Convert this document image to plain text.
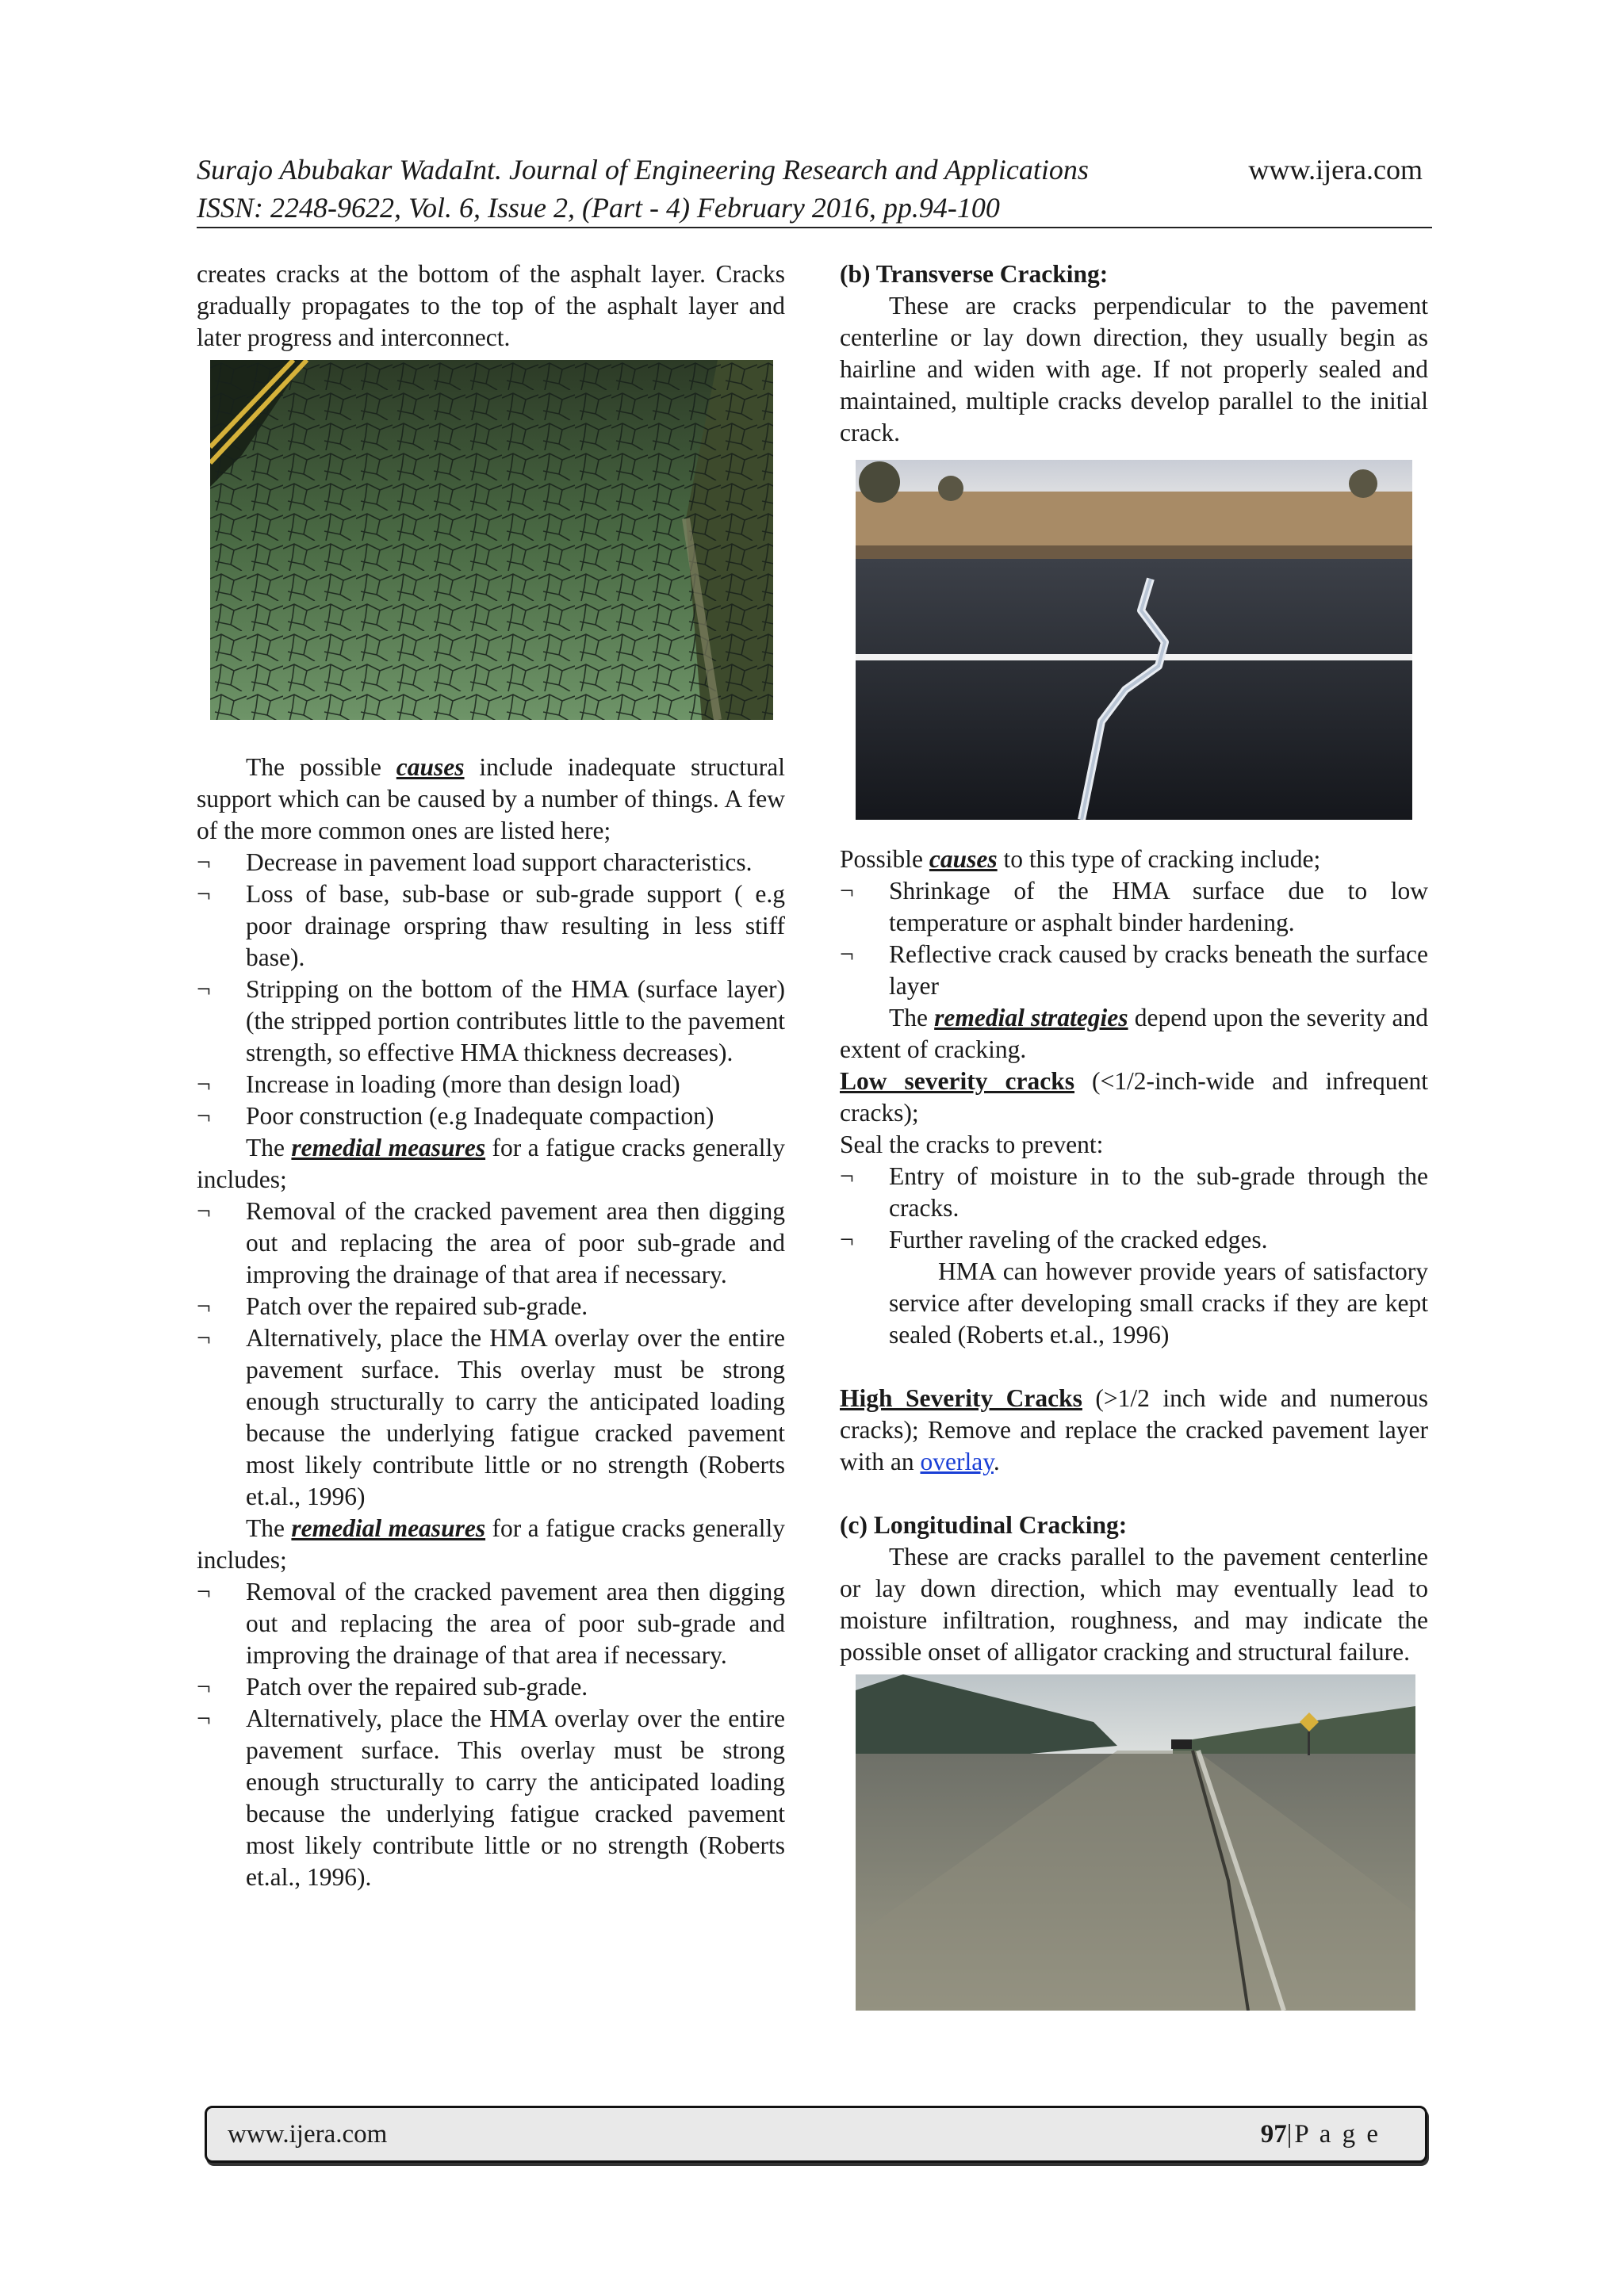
Surajo Abubakar WadaInt. Journal of Engineering Research and Applications
ISSN: 2248-9622, Vol. 6, Issue 2, (Part - 4) February 2016, pp.94-100
www.ijera.com

creates cracks at the bottom of the asphalt layer. Cracks gradually propagates to the top of the asphalt layer and later progress and interconnect.

The possible causes include inadequate structural support which can be caused by a number of things. A few of the more common ones are listed here;

¬ Decrease in pavement load support characteristics.
¬ Loss of base, sub-base or sub-grade support ( e.g poor drainage orspring thaw resulting in less stiff base).
¬ Stripping on the bottom of the HMA (surface layer) (the stripped portion contributes little to the pavement strength, so effective HMA thickness decreases).
¬ Increase in loading (more than design load)
¬ Poor construction (e.g Inadequate compaction)

The remedial measures for a fatigue cracks generally includes;

¬ Removal of the cracked pavement area then digging out and replacing the area of poor sub-grade and improving the drainage of that area if necessary.
¬ Patch over the repaired sub-grade.
¬ Alternatively, place the HMA overlay over the entire pavement surface. This overlay must be strong enough structurally to carry the anticipated loading because the underlying fatigue cracked pavement most likely contribute little or no strength (Roberts et.al., 1996)

The remedial measures for a fatigue cracks generally includes;

¬ Removal of the cracked pavement area then digging out and replacing the area of poor sub-grade and improving the drainage of that area if necessary.
¬ Patch over the repaired sub-grade.
¬ Alternatively, place the HMA overlay over the entire pavement surface. This overlay must be strong enough structurally to carry the anticipated loading because the underlying fatigue cracked pavement most likely contribute little or no strength (Roberts et.al., 1996).

(b) Transverse Cracking:

These are cracks perpendicular to the pavement centerline or lay down direction, they usually begin as hairline and widen with age. If not properly sealed and maintained, multiple cracks develop parallel to the initial crack.

Possible causes to this type of cracking include;

¬ Shrinkage of the HMA surface due to low temperature or asphalt binder hardening.
¬ Reflective crack caused by cracks beneath the surface layer

The remedial strategies depend upon the severity and extent of cracking.

Low severity cracks (<1/2-inch-wide and infrequent cracks);

Seal the cracks to prevent:

¬ Entry of moisture in to the sub-grade through the cracks.
¬ Further raveling of the cracked edges.

HMA can however provide years of satisfactory service after developing small cracks if they are kept sealed (Roberts et.al., 1996)

High Severity Cracks (>1/2 inch wide and numerous cracks); Remove and replace the cracked pavement layer with an overlay.

(c) Longitudinal Cracking:

These are cracks parallel to the pavement centerline or lay down direction, which may eventually lead to moisture infiltration, roughness, and may indicate the possible onset of alligator cracking and structural failure.

www.ijera.com	97|P a g e
